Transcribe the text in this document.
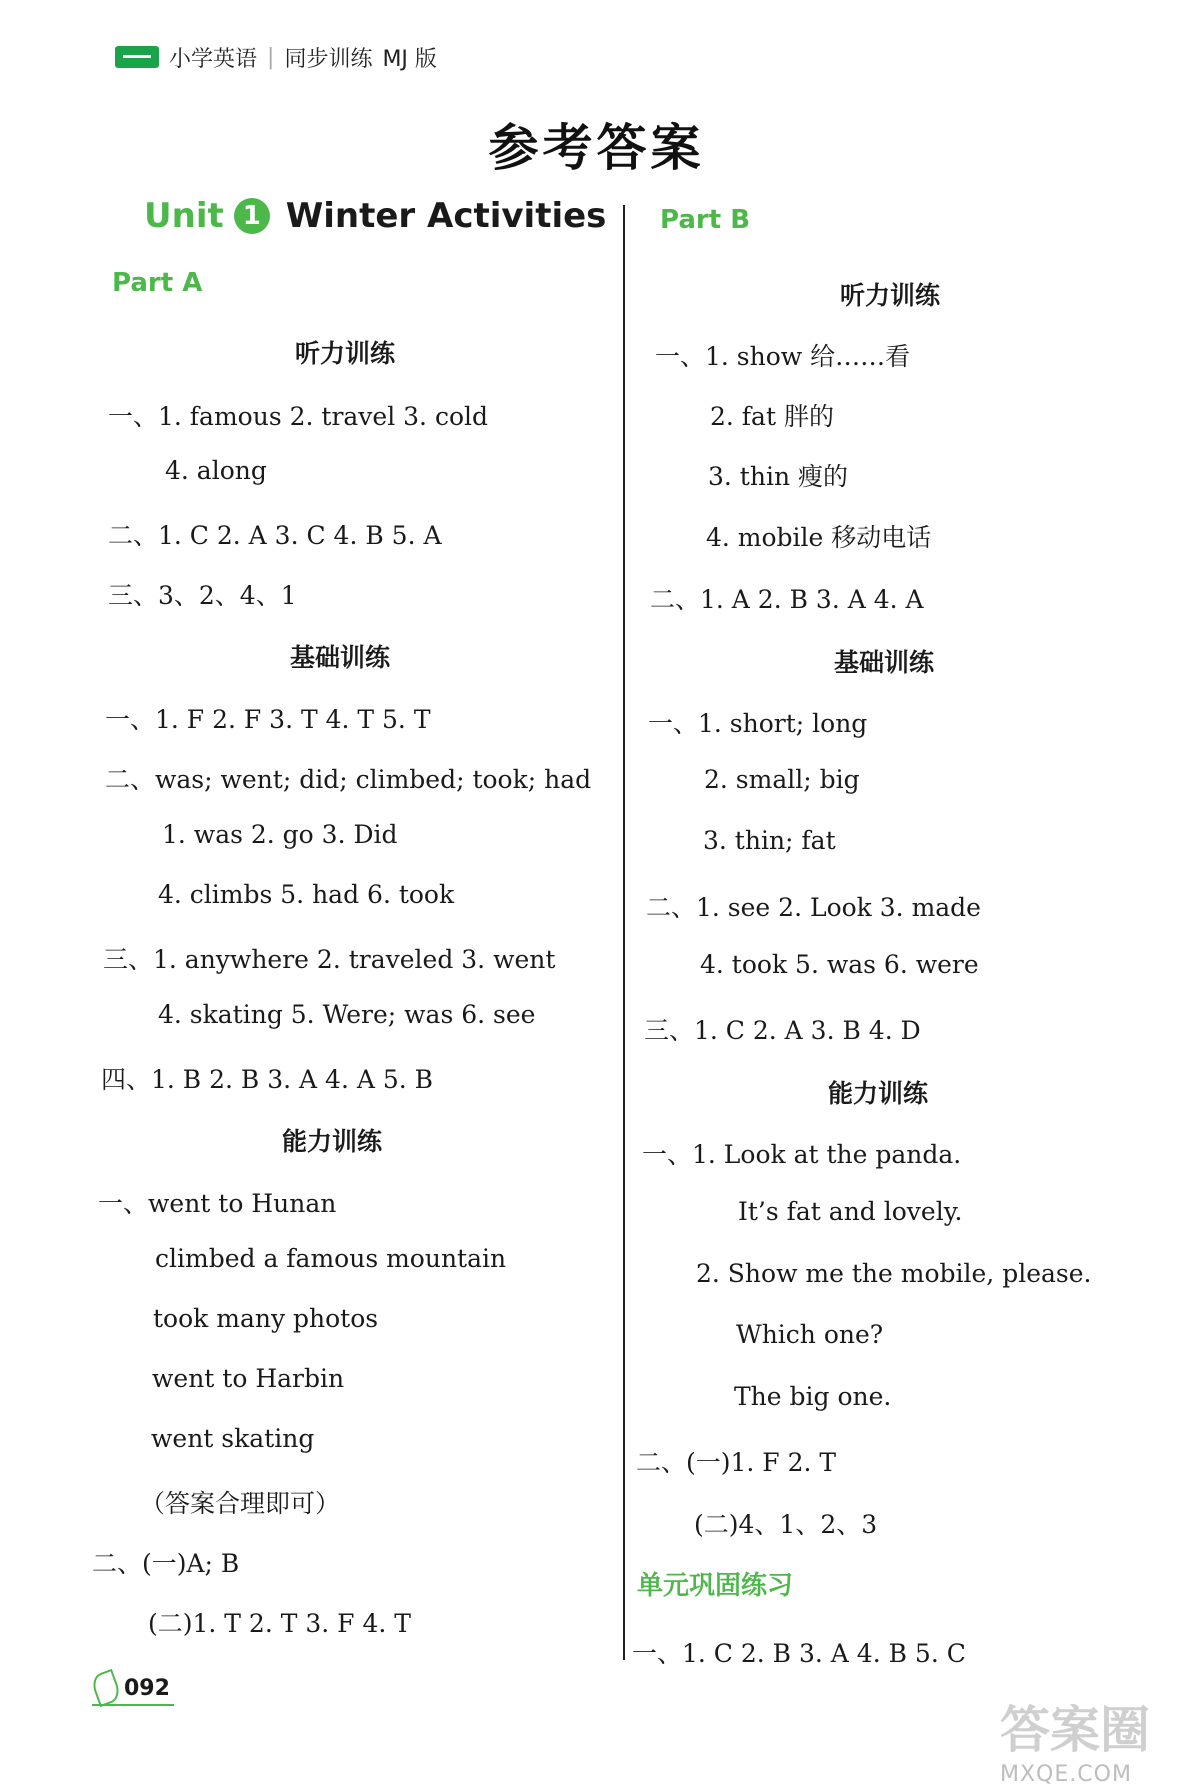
小学英语 | 同步训练 MJ 版
参考答案
Unit 1 Winter Activities
Part A
听力训练
一、1. famous 2. travel 3. cold
4. along
二、1. C 2. A 3. C 4. B 5. A
三、3、2、4、1
基础训练
一、1. F 2. F 3. T 4. T 5. T
二、was; went; did; climbed; took; had
1. was 2. go 3. Did
4. climbs 5. had 6. took
三、1. anywhere 2. traveled 3. went
4. skating 5. Were; was 6. see
四、1. B 2. B 3. A 4. A 5. B
能力训练
一、went to Hunan
climbed a famous mountain
took many photos
went to Harbin
went skating
（答案合理即可）
二、(一)A; B
(二)1. T 2. T 3. F 4. T
Part B
听力训练
一、1. show 给……看
2. fat 胖的
3. thin 瘦的
4. mobile 移动电话
二、1. A 2. B 3. A 4. A
基础训练
一、1. short; long
2. small; big
3. thin; fat
二、1. see 2. Look 3. made
4. took 5. was 6. were
三、1. C 2. A 3. B 4. D
能力训练
一、1. Look at the panda.
It’s fat and lovely.
2. Show me the mobile, please.
Which one?
The big one.
二、(一)1. F 2. T
(二)4、1、2、3
单元巩固练习
一、1. C 2. B 3. A 4. B 5. C
092
答案圈
MXQE.COM
